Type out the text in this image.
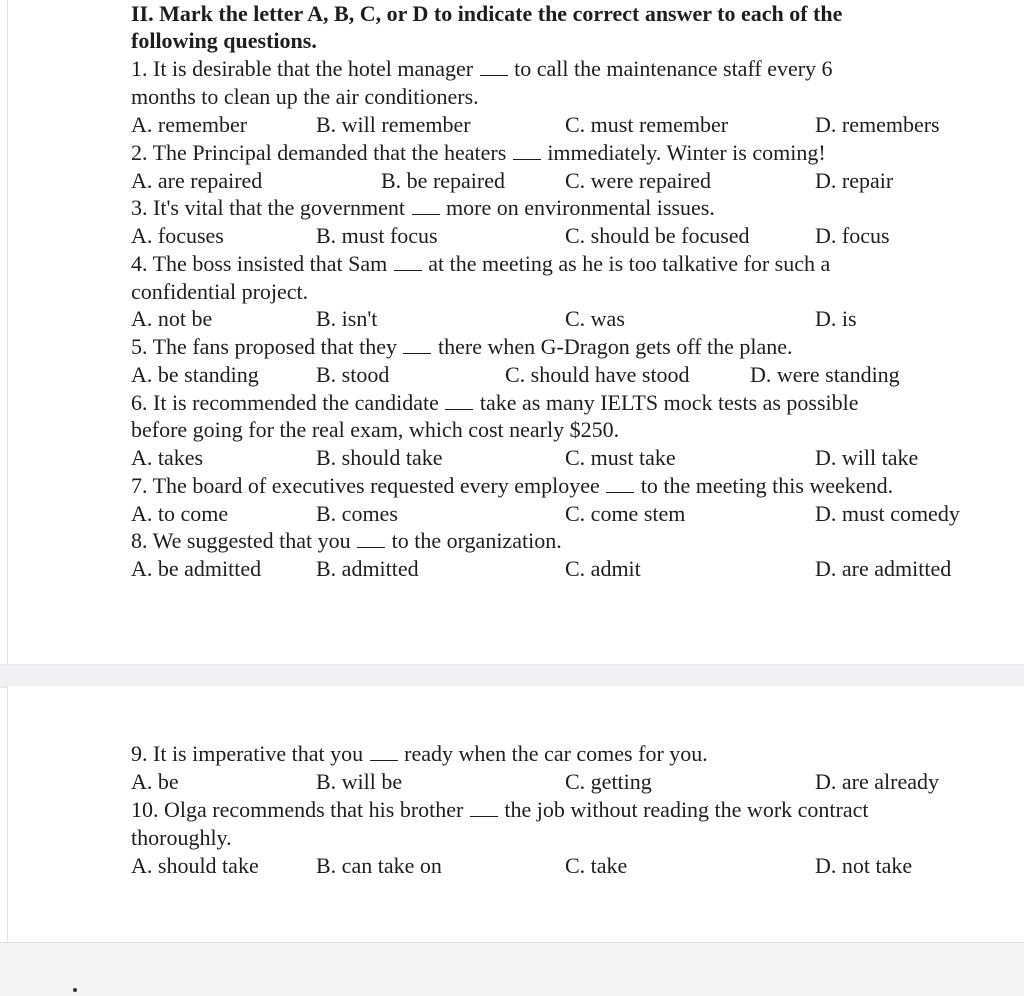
II. Mark the letter A, B, C, or D to indicate the correct answer to each of the
following questions.
1. It is desirable that the hotel manager to call the maintenance staff every 6
months to clean up the air conditioners.
A. remember	B. will remember	C. must remember	D. remembers
2. The Principal demanded that the heaters immediately. Winter is coming!
A. are repaired	B. be repaired	C. were repaired	D. repair
3. It's vital that the government more on environmental issues.
A. focuses	B. must focus	C. should be focused	D. focus
4. The boss insisted that Sam at the meeting as he is too talkative for such a
confidential project.
A. not be	B. isn't	C. was	D. is
5. The fans proposed that they there when G-Dragon gets off the plane.
A. be standing	B. stood	C. should have stood	D. were standing
6. It is recommended the candidate take as many IELTS mock tests as possible
before going for the real exam, which cost nearly $250.
A. takes	B. should take	C. must take	D. will take
7. The board of executives requested every employee to the meeting this weekend.
A. to come	B. comes	C. come stem	D. must comedy
8. We suggested that you to the organization.
A. be admitted B. admitted	C. admit	D. are admitted
9. It is imperative that you ready when the car comes for you.
A. be	B. will be	C. getting	D. are already
10. Olga recommends that his brother the job without reading the work contract
thoroughly.
A. should take	B. can take on	C. take	D. not take
